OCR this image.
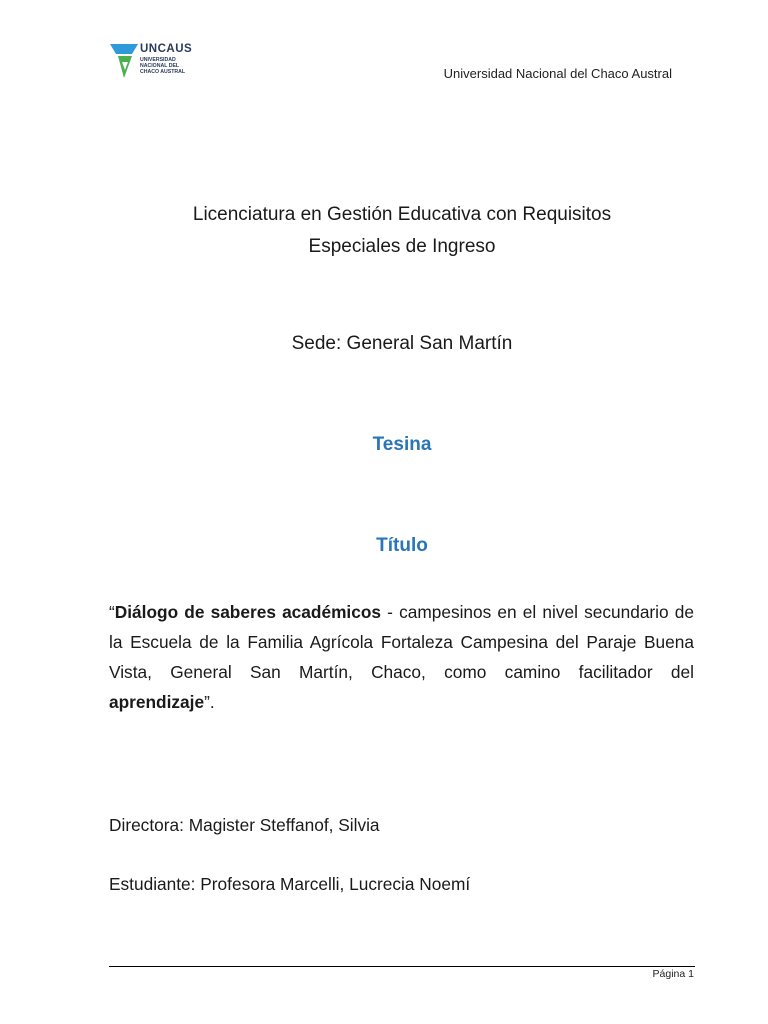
UNCAUS
UNIVERSIDAD
NACIONAL DEL
CHACO AUSTRAL	Universidad Nacional del Chaco Austral
Licenciatura en Gestión Educativa con Requisitos
Especiales de Ingreso
Sede: General San Martín
Tesina
Título
“Diálogo de saberes académicos - campesinos en el nivel secundario de la Escuela de la Familia Agrícola Fortaleza Campesina del Paraje Buena Vista, General San Martín, Chaco, como camino facilitador del aprendizaje”.
Directora: Magister Steffanof, Silvia
Estudiante: Profesora Marcelli, Lucrecia Noemí
Página 1
